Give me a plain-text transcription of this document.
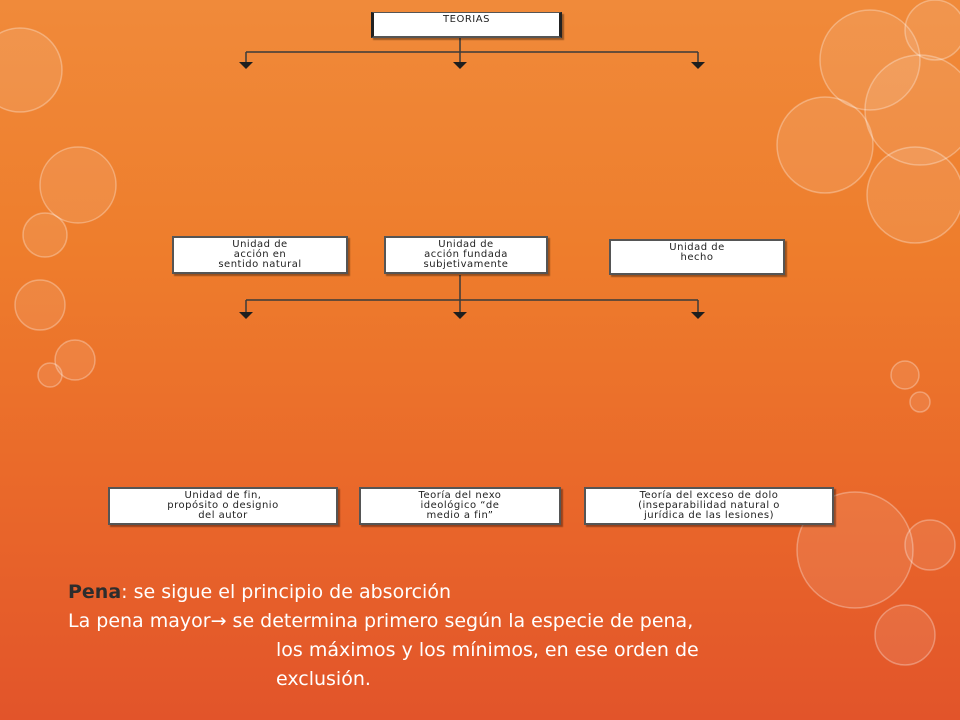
TEORIAS
Unidad de
acción en
sentido natural
Unidad de
acción fundada
subjetivamente
Unidad de
hecho
Unidad de fin,
propósito o designio
del autor
Teoría del nexo
ideológico “de
medio a fin”
Teoría del exceso de dolo
(inseparabilidad natural o
jurídica de las lesiones)
Pena: se sigue el principio de absorción
La pena mayor→ se determina primero según la especie de pena,
los máximos y los mínimos, en ese orden de
exclusión.
